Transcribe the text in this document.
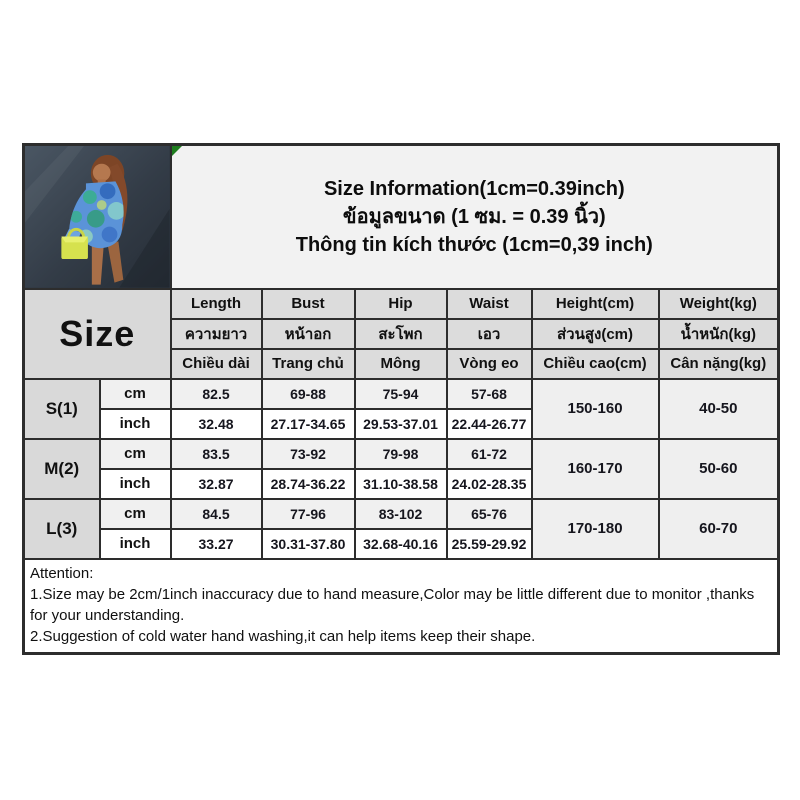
Size Information(1cm=0.39inch)
ข้อมูลขนาด (1 ซม. = 0.39 นิ้ว)
Thông tin kích thước (1cm=0,39 inch)					

Size		Length	Bust	Hip	Waist	Height(cm)	Weight(kg)
		ความยาว	หน้าอก	สะโพก	เอว	ส่วนสูง(cm)	น้ำหนัก(kg)
		Chiều dài	Trang chủ	Mông	Vòng eo	Chiều cao(cm)	Cân nặng(kg)
S(1)	cm	82.5	69-88	75-94	57-68	150-160	40-50
	inch	32.48	27.17-34.65	29.53-37.01	22.44-26.77		
M(2)	cm	83.5	73-92	79-98	61-72	160-170	50-60
	inch	32.87	28.74-36.22	31.10-38.58	24.02-28.35		
L(3)	cm	84.5	77-96	83-102	65-76	170-180	60-70
	inch	33.27	30.31-37.80	32.68-40.16	25.59-29.92		

Attention:
1.Size may be 2cm/1inch inaccuracy due to hand measure,Color may be little different due to monitor ,thanks for your understanding.
2.Suggestion of cold water hand washing,it can help items keep their shape.							
